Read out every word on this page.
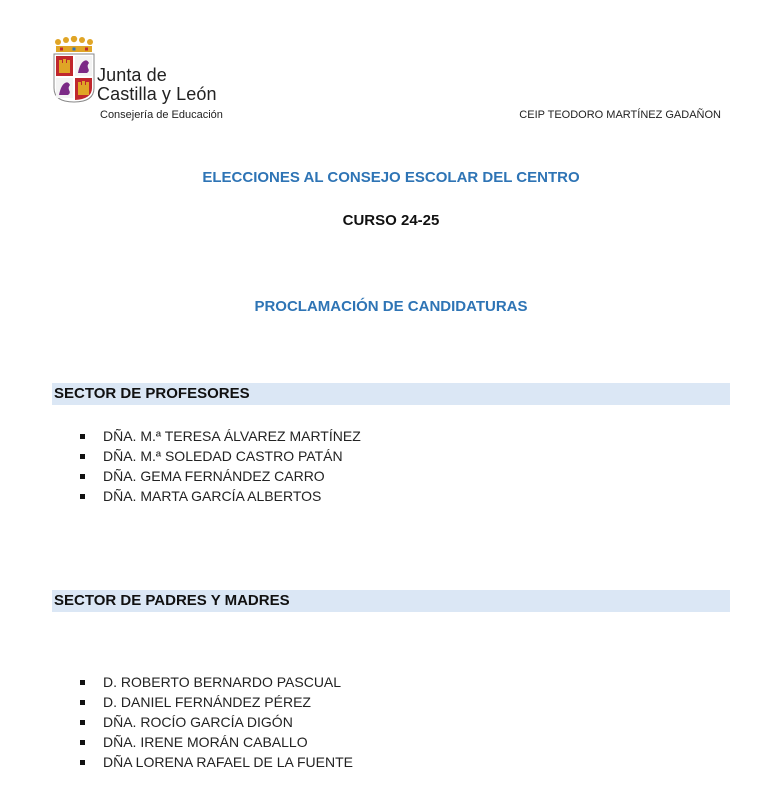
Junta de
Castilla y León
Consejería de Educación	CEIP TEODORO MARTÍNEZ GADAÑON
ELECCIONES AL CONSEJO ESCOLAR DEL CENTRO
CURSO 24-25
PROCLAMACIÓN DE CANDIDATURAS
SECTOR DE PROFESORES
DÑA. M.ª TERESA ÁLVAREZ MARTÍNEZ
DÑA. M.ª SOLEDAD CASTRO PATÁN
DÑA. GEMA FERNÁNDEZ CARRO
DÑA. MARTA GARCÍA ALBERTOS
SECTOR DE PADRES Y MADRES
D. ROBERTO BERNARDO PASCUAL
D. DANIEL FERNÁNDEZ PÉREZ
DÑA. ROCÍO GARCÍA DIGÓN
DÑA. IRENE MORÁN CABALLO
DÑA LORENA RAFAEL DE LA FUENTE
